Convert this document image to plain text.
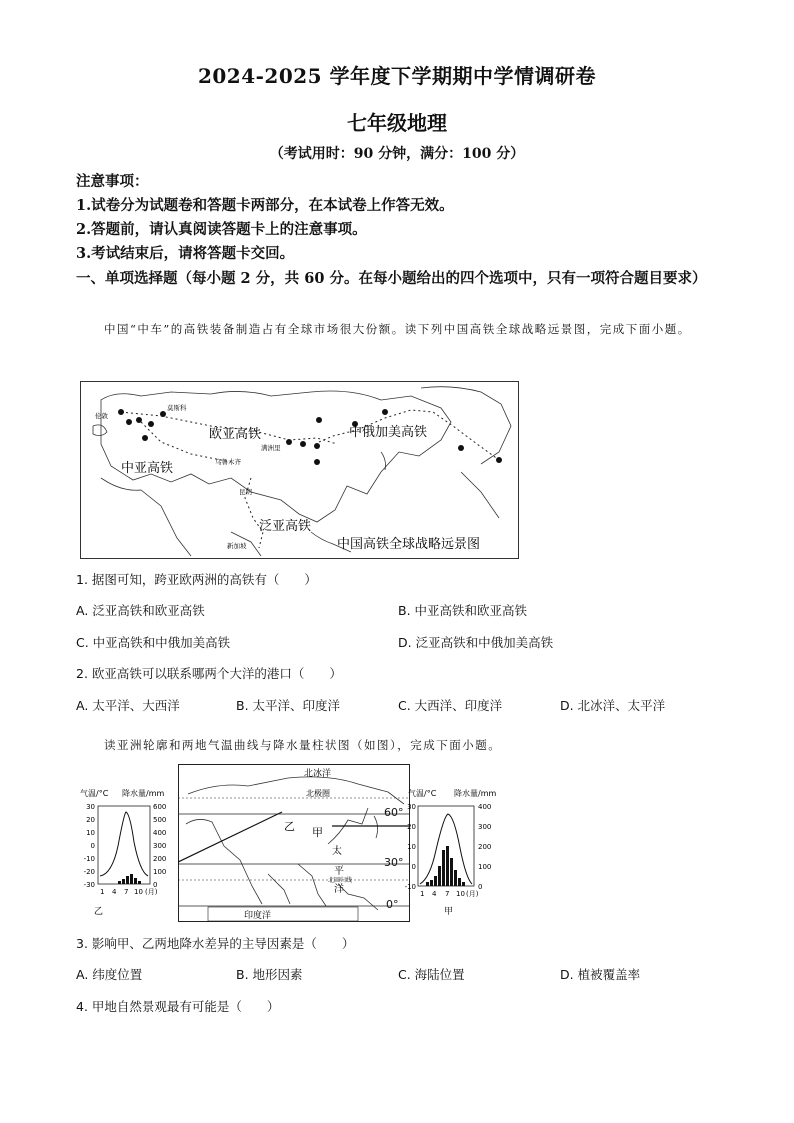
2024-2025 学年度下学期期中学情调研卷
七年级地理
（考试用时：90 分钟，满分：100 分）
注意事项：
1.试卷分为试题卷和答题卡两部分，在本试卷上作答无效。
2.答题前，请认真阅读答题卡上的注意事项。
3.考试结束后，请将答题卡交回。
一、单项选择题（每小题 2 分，共 60 分。在每小题给出的四个选项中，只有一项符合题目要求）
中国“中车”的高铁装备制造占有全球市场很大份额。读下列中国高铁全球战略远景图，完成下面小题。
欧亚高铁	中俄加美高铁
中亚高铁
泛亚高铁
伦敦
莫斯科
满洲里
乌鲁木齐
昆明
新加坡	中国高铁全球战略远景图
1. 据图可知，跨亚欧两洲的高铁有（　　）
A. 泛亚高铁和欧亚高铁	B. 中亚高铁和欧亚高铁
C. 中亚高铁和中俄加美高铁	D. 泛亚高铁和中俄加美高铁
2. 欧亚高铁可以联系哪两个大洋的港口（　　）
A. 太平洋、大西洋	B. 太平洋、印度洋	C. 大西洋、印度洋	D. 北冰洋、太平洋
读亚洲轮廓和两地气温曲线与降水量柱状图（如图），完成下面小题。
气温/°C 降水量/mm
30
20
10
0
-10
-20
-30
600
500
400
300
200
100
0
1 4 7 10 (月)
乙
北冰洋
北极圈
印度洋
太
平
洋
北回归线
乙 甲
60°
30°
0°
气温/°C 降水量/mm
30
20
10
0
-10
400
300
200
100
0
1 4 7 10 (月)
甲
3. 影响甲、乙两地降水差异的主导因素是（　　）
A. 纬度位置	B. 地形因素	C. 海陆位置	D. 植被覆盖率
4. 甲地自然景观最有可能是（　　）
